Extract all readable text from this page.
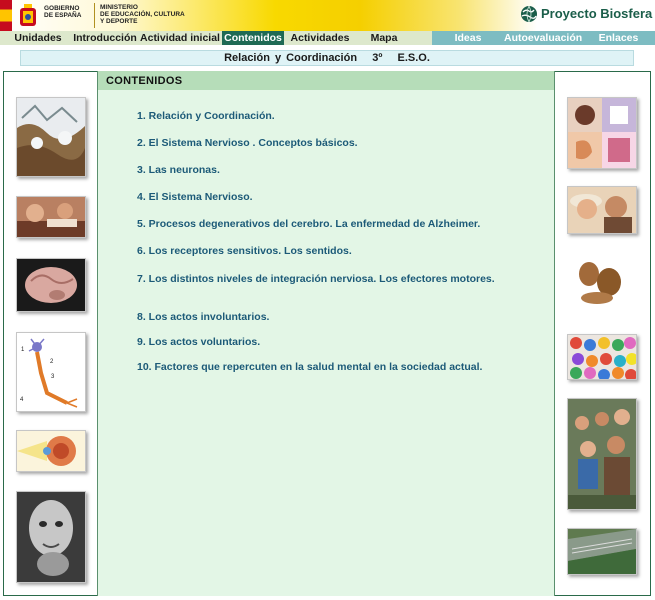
GOBIERNO
DE ESPAÑA
MINISTERIO
DE EDUCACIÓN, CULTURA
Y DEPORTE
Proyecto Biosfera
Unidades	Introducción Actividad inicial Contenidos Actividades	Mapa	Ideas	Autoevaluación	Enlaces
Relación y Coordinación   3º   E.S.O.
CONTENIDOS
1. Relación y Coordinación.
2. El Sistema Nervioso . Conceptos básicos.
3. Las neuronas.
4. El Sistema Nervioso.
5. Procesos degenerativos del cerebro. La enfermedad de Alzheimer.
6. Los receptores sensitivos. Los sentidos.
7. Los distintos niveles de integración nerviosa. Los efectores motores.
8. Los actos involuntarios.
9. Los actos voluntarios.
10. Factores que repercuten en la salud mental en la sociedad actual.
1
2
3
4
